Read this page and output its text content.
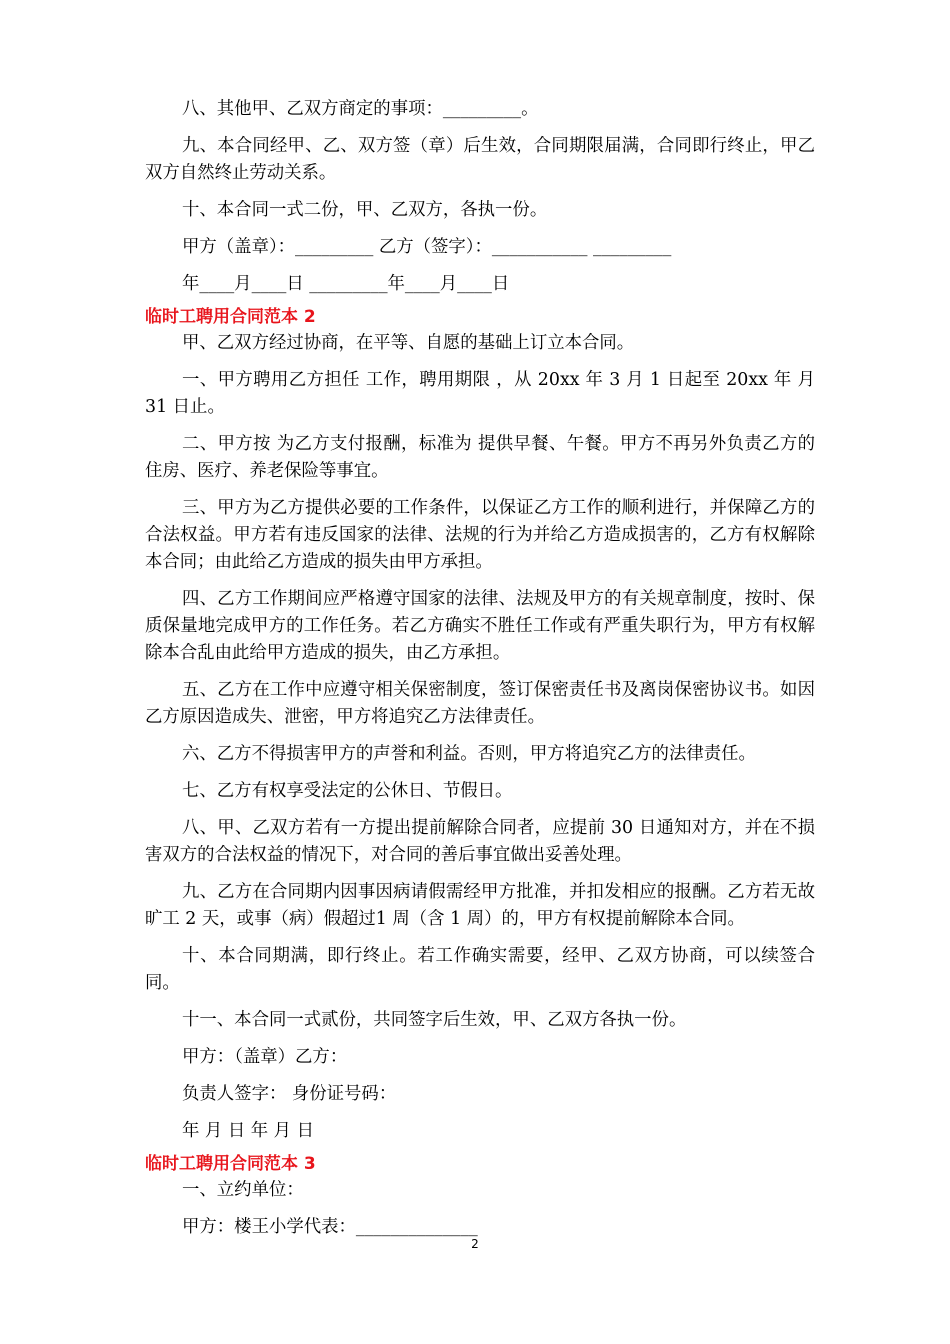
八、其他甲、乙双方商定的事项：_________。

九、本合同经甲、乙、双方签（章）后生效，合同期限届满，合同即行终止，甲乙双方自然终止劳动关系。

十、本合同一式二份，甲、乙双方，各执一份。

甲方（盖章）：_________ 乙方（签字）：___________ _________

年____月____日 _________年____月____日

临时工聘用合同范本 2

甲、乙双方经过协商，在平等、自愿的基础上订立本合同。

一、甲方聘用乙方担任 工作，聘用期限 ，从 20xx 年 3 月 1 日起至 20xx 年 月 31 日止。

二、甲方按 为乙方支付报酬，标准为 提供早餐、午餐。甲方不再另外负责乙方的住房、医疗、养老保险等事宜。

三、甲方为乙方提供必要的工作条件，以保证乙方工作的顺利进行，并保障乙方的合法权益。甲方若有违反国家的法律、法规的行为并给乙方造成损害的，乙方有权解除本合同；由此给乙方造成的损失由甲方承担。

四、乙方工作期间应严格遵守国家的法律、法规及甲方的有关规章制度，按时、保质保量地完成甲方的工作任务。若乙方确实不胜任工作或有严重失职行为，甲方有权解除本合乱由此给甲方造成的损失，由乙方承担。

五、乙方在工作中应遵守相关保密制度，签订保密责任书及离岗保密协议书。如因乙方原因造成失、泄密，甲方将追究乙方法律责任。

六、乙方不得损害甲方的声誉和利益。否则，甲方将追究乙方的法律责任。

七、乙方有权享受法定的公休日、节假日。

八、甲、乙双方若有一方提出提前解除合同者，应提前 30 日通知对方，并在不损害双方的合法权益的情况下，对合同的善后事宜做出妥善处理。

九、乙方在合同期内因事因病请假需经甲方批准，并扣发相应的报酬。乙方若无故旷工 2 天，或事（病）假超过1 周（含 1 周）的，甲方有权提前解除本合同。

十、本合同期满，即行终止。若工作确实需要，经甲、乙双方协商，可以续签合同。

十一、本合同一式贰份，共同签字后生效，甲、乙双方各执一份。

甲方：（盖章）乙方：

负责人签字： 身份证号码：

年 月 日 年 月 日

临时工聘用合同范本 3

一、立约单位：

甲方：楼王小学代表：______________

2
